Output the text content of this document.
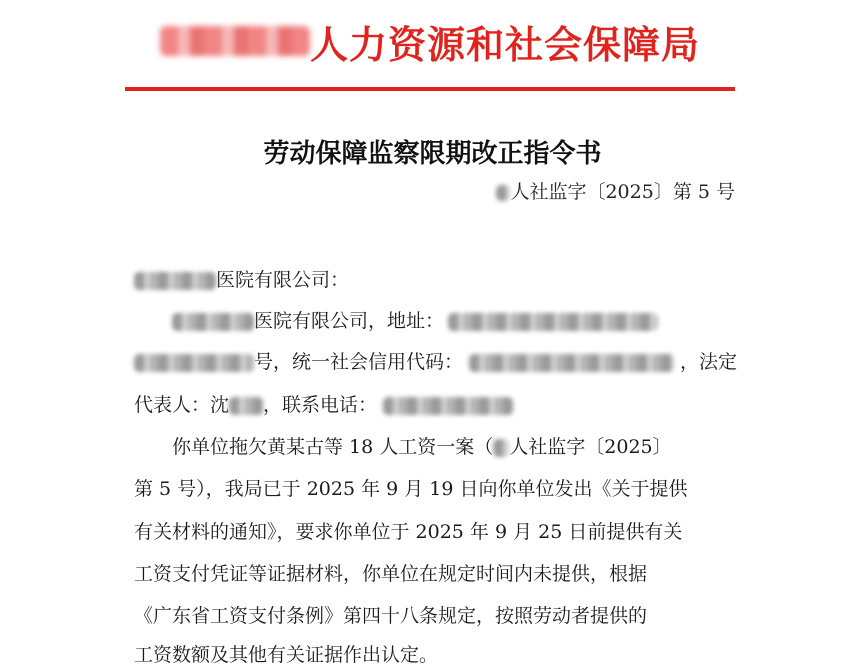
人力资源和社会保障局
劳动保障监察限期改正指令书
人社监字〔2025〕第 5 号
医院有限公司：
医院有限公司，地址：
号，统一社会信用代码：	，法定
代表人：沈 ，联系电话：
你单位拖欠黄某古等 18 人工资一案（ 人社监字〔2025〕
第 5 号），我局已于 2025 年 9 月 19 日向你单位发出《关于提供
有关材料的通知》，要求你单位于 2025 年 9 月 25 日前提供有关
工资支付凭证等证据材料，你单位在规定时间内未提供，根据
《广东省工资支付条例》第四十八条规定，按照劳动者提供的
工资数额及其他有关证据作出认定。
